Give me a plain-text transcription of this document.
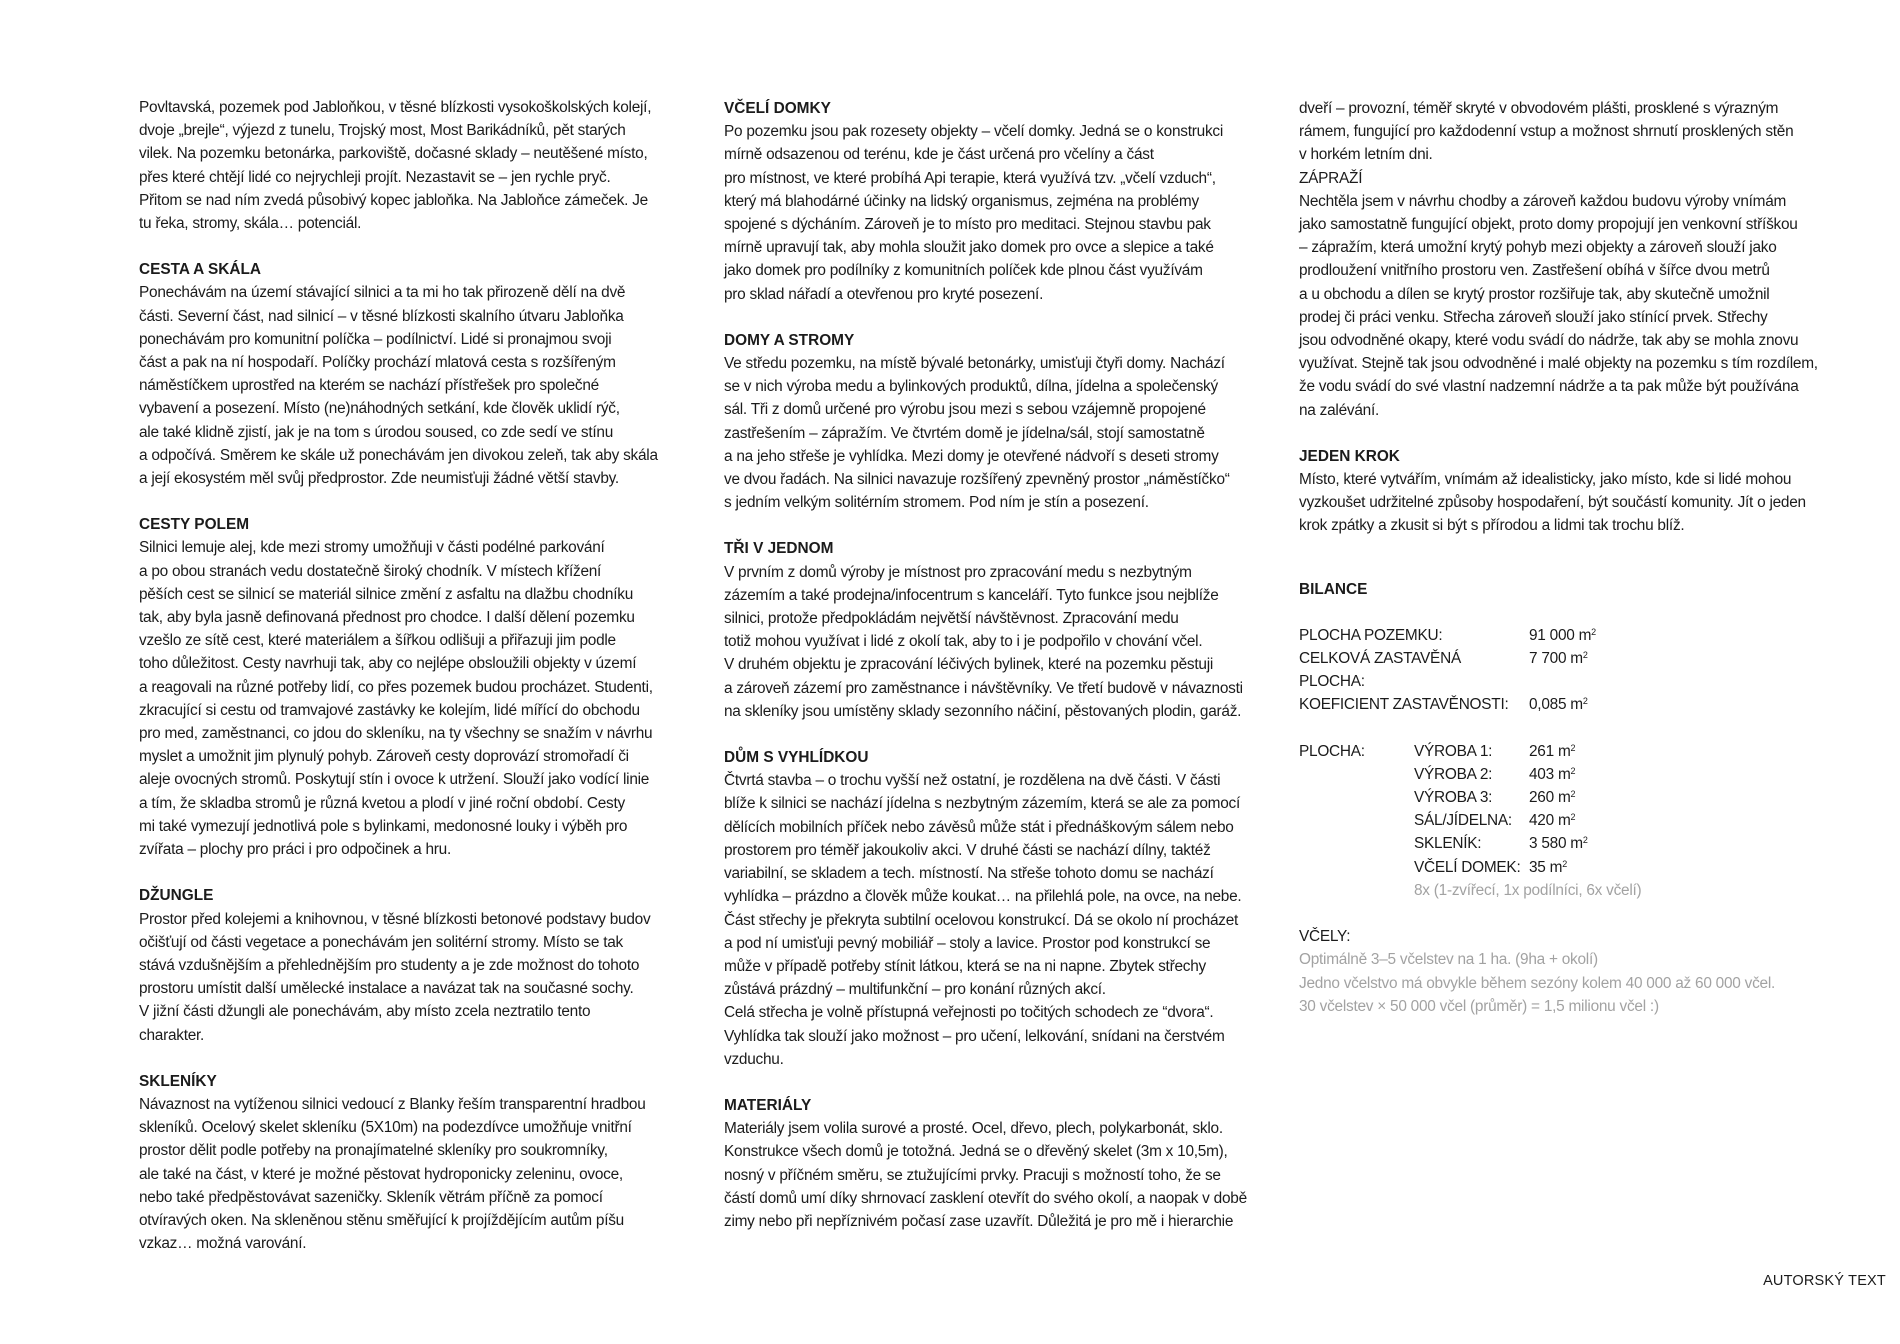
Povltavská, pozemek pod Jabloňkou, v těsné blízkosti vysokoškolských kolejí,
dvoje „brejle“, výjezd z tunelu, Trojský most, Most Barikádníků, pět starých
vilek. Na pozemku betonárka, parkoviště, dočasné sklady – neutěšené místo,
přes které chtějí lidé co nejrychleji projít. Nezastavit se – jen rychle pryč.
Přitom se nad ním zvedá působivý kopec jabloňka. Na Jabloňce zámeček. Je
tu řeka, stromy, skála… potenciál.

CESTA A SKÁLA

Ponechávám na území stávající silnici a ta mi ho tak přirozeně dělí na dvě
části. Severní část, nad silnicí – v těsné blízkosti skalního útvaru Jabloňka
ponechávám pro komunitní políčka – podílnictví. Lidé si pronajmou svoji
část a pak na ní hospodaří. Políčky prochází mlatová cesta s rozšířeným
náměstíčkem uprostřed na kterém se nachází přístřešek pro společné
vybavení a posezení. Místo (ne)náhodných setkání, kde člověk uklidí rýč,
ale také klidně zjistí, jak je na tom s úrodou soused, co zde sedí ve stínu
a odpočívá. Směrem ke skále už ponechávám jen divokou zeleň, tak aby skála
a její ekosystém měl svůj předprostor. Zde neumisťuji žádné větší stavby.

CESTY POLEM

Silnici lemuje alej, kde mezi stromy umožňuji v části podélné parkování
a po obou stranách vedu dostatečně široký chodník. V místech křížení
pěších cest se silnicí se materiál silnice změní z asfaltu na dlažbu chodníku
tak, aby byla jasně definovaná přednost pro chodce. I další dělení pozemku
vzešlo ze sítě cest, které materiálem a šířkou odlišuji a přiřazuji jim podle
toho důležitost. Cesty navrhuji tak, aby co nejlépe obsloužili objekty v území
a reagovali na různé potřeby lidí, co přes pozemek budou procházet. Studenti,
zkracující si cestu od tramvajové zastávky ke kolejím, lidé mířící do obchodu
pro med, zaměstnanci, co jdou do skleníku, na ty všechny se snažím v návrhu
myslet a umožnit jim plynulý pohyb. Zároveň cesty doprovází stromořadí či
aleje ovocných stromů. Poskytují stín i ovoce k utržení. Slouží jako vodící linie
a tím, že skladba stromů je různá kvetou a plodí v jiné roční období. Cesty
mi také vymezují jednotlivá pole s bylinkami, medonosné louky i výběh pro
zvířata – plochy pro práci i pro odpočinek a hru.

DŽUNGLE

Prostor před kolejemi a knihovnou, v těsné blízkosti betonové podstavy budov
očišťují od části vegetace a ponechávám jen solitérní stromy. Místo se tak
stává vzdušnějším a přehlednějším pro studenty a je zde možnost do tohoto
prostoru umístit další umělecké instalace a navázat tak na současné sochy.
V jižní části džungli ale ponechávám, aby místo zcela neztratilo tento
charakter.

SKLENÍKY

Návaznost na vytíženou silnici vedoucí z Blanky řeším transparentní hradbou
skleníků. Ocelový skelet skleníku (5X10m) na podezdívce umožňuje vnitřní
prostor dělit podle potřeby na pronajímatelné skleníky pro soukromníky,
ale také na část, v které je možné pěstovat hydroponicky zeleninu, ovoce,
nebo také předpěstovávat sazeničky. Skleník větrám příčně za pomocí
otvíravých oken. Na skleněnou stěnu směřující k projíždějícím autům píšu
vzkaz… možná varování.

VČELÍ DOMKY

Po pozemku jsou pak rozesety objekty – včelí domky. Jedná se o konstrukci
mírně odsazenou od terénu, kde je část určená pro včelíny a část
pro místnost, ve které probíhá Api terapie, která využívá tzv. „včelí vzduch“,
který má blahodárné účinky na lidský organismus, zejména na problémy
spojené s dýcháním. Zároveň je to místo pro meditaci. Stejnou stavbu pak
mírně upravují tak, aby mohla sloužit jako domek pro ovce a slepice a také
jako domek pro podílníky z komunitních políček kde plnou část využívám
pro sklad nářadí a otevřenou pro kryté posezení.

DOMY A STROMY

Ve středu pozemku, na místě bývalé betonárky, umisťuji čtyři domy. Nachází
se v nich výroba medu a bylinkových produktů, dílna, jídelna a společenský
sál. Tři z domů určené pro výrobu jsou mezi s sebou vzájemně propojené
zastřešením – zápražím. Ve čtvrtém domě je jídelna/sál, stojí samostatně
a na jeho střeše je vyhlídka. Mezi domy je otevřené nádvoří s deseti stromy
ve dvou řadách. Na silnici navazuje rozšířený zpevněný prostor „náměstíčko“
s jedním velkým solitérním stromem. Pod ním je stín a posezení.

TŘI V JEDNOM

V prvním z domů výroby je místnost pro zpracování medu s nezbytným
zázemím a také prodejna/infocentrum s kanceláří. Tyto funkce jsou nejblíže
silnici, protože předpokládám největší návštěvnost. Zpracování medu
totiž mohou využívat i lidé z okolí tak, aby to i je podpořilo v chování včel.
V druhém objektu je zpracování léčivých bylinek, které na pozemku pěstuji
a zároveň zázemí pro zaměstnance i návštěvníky. Ve třetí budově v návaznosti
na skleníky jsou umístěny sklady sezonního náčiní, pěstovaných plodin, garáž.

DŮM S VYHLÍDKOU

Čtvrtá stavba – o trochu vyšší než ostatní, je rozdělena na dvě části. V části
blíže k silnici se nachází jídelna s nezbytným zázemím, která se ale za pomocí
dělících mobilních příček nebo závěsů může stát i přednáškovým sálem nebo
prostorem pro téměř jakoukoliv akci. V druhé části se nachází dílny, taktéž
variabilní, se skladem a tech. místností. Na střeše tohoto domu se nachází
vyhlídka – prázdno a člověk může koukat… na přilehlá pole, na ovce, na nebe.
Část střechy je překryta subtilní ocelovou konstrukcí. Dá se okolo ní procházet
a pod ní umisťuji pevný mobiliář – stoly a lavice. Prostor pod konstrukcí se
může v případě potřeby stínit látkou, která se na ni napne. Zbytek střechy
zůstává prázdný – multifunkční – pro konání různých akcí.
Celá střecha je volně přístupná veřejnosti po točitých schodech ze “dvora“.
Vyhlídka tak slouží jako možnost – pro učení, lelkování, snídani na čerstvém
vzduchu.

MATERIÁLY

Materiály jsem volila surové a prosté. Ocel, dřevo, plech, polykarbonát, sklo.
Konstrukce všech domů je totožná. Jedná se o dřevěný skelet (3m x 10,5m),
nosný v příčném směru, se ztužujícími prvky. Pracuji s možností toho, že se
částí domů umí díky shrnovací zasklení otevřít do svého okolí, a naopak v době
zimy nebo při nepříznivém počasí zase uzavřít. Důležitá je pro mě i hierarchie

dveří – provozní, téměř skryté v obvodovém plášti, prosklené s výrazným
rámem, fungující pro každodenní vstup a možnost shrnutí prosklených stěn
v horkém letním dni.

ZÁPRAŽÍ

Nechtěla jsem v návrhu chodby a zároveň každou budovu výroby vnímám
jako samostatně fungující objekt, proto domy propojují jen venkovní stříškou
– zápražím, která umožní krytý pohyb mezi objekty a zároveň slouží jako
prodloužení vnitřního prostoru ven. Zastřešení obíhá v šířce dvou metrů
a u obchodu a dílen se krytý prostor rozšiřuje tak, aby skutečně umožnil
prodej či práci venku. Střecha zároveň slouží jako stínící prvek. Střechy
jsou odvodněné okapy, které vodu svádí do nádrže, tak aby se mohla znovu
využívat. Stejně tak jsou odvodněné i malé objekty na pozemku s tím rozdílem,
že vodu svádí do své vlastní nadzemní nádrže a ta pak může být používána
na zalévání.

JEDEN KROK

Místo, které vytvářím, vnímám až idealisticky, jako místo, kde si lidé mohou
vyzkoušet udržitelné způsoby hospodaření, být součástí komunity. Jít o jeden
krok zpátky a zkusit si být s přírodou a lidmi tak trochu blíž.

BILANCE
PLOCHA POZEMKU:	91 000 $m^2$
CELKOVÁ ZASTAVĚNÁ PLOCHA:
7 700 $m^2$
KOEFICIENT ZASTAVĚNOSTI:	0,085 $m^2$
PLOCHA:	VÝROBA 1:	261 $m^2$
VÝROBA 2:	403 $m^2$
VÝROBA 3:	260 $m^2$
SÁL/JÍDELNA:	420 $m^2$
SKLENÍK:	3 580 $m^2$
VČELÍ DOMEK: 35 $m^2$
8x (1-zvířecí, 1x podílníci, 6x včelí)

VČELY:

Optimálně 3–5 včelstev na 1 ha. (9ha + okolí)

Jedno včelstvo má obvykle během sezóny kolem 40 000 až 60 000 včel.

30 včelstev × 50 000 včel (průměr) = 1,5 milionu včel :)

AUTORSKÝ TEXT
